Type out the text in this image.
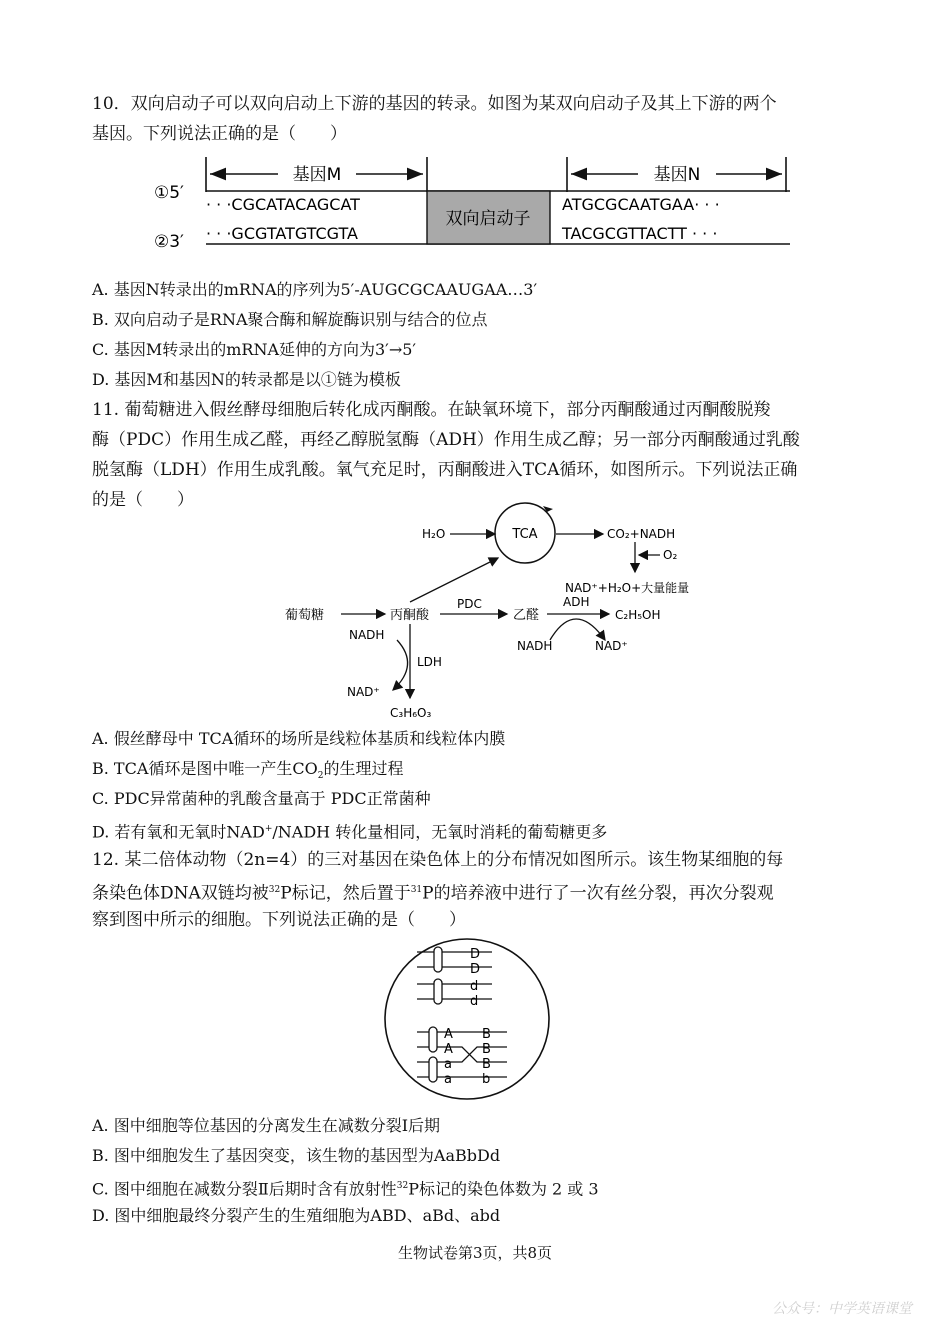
10．双向启动子可以双向启动上下游的基因的转录。如图为某双向启动子及其上下游的两个
基因。下列说法正确的是（　　）
基因M	基因N
双向启动子
①5′
②3′
· · ·CGCATACAGCAT
· · ·GCGTATGTCGTA
ATGCGCAATGAA· · ·
TACGCGTTACTT · · ·
A. 基因N转录出的mRNA的序列为5′-AUGCGCAAUGAA…3′
B. 双向启动子是RNA聚合酶和解旋酶识别与结合的位点
C. 基因M转录出的mRNA延伸的方向为3′→5′
D. 基因M和基因N的转录都是以①链为模板
11. 葡萄糖进入假丝酵母细胞后转化成丙酮酸。在缺氧环境下，部分丙酮酸通过丙酮酸脱羧
酶（PDC）作用生成乙醛，再经乙醇脱氢酶（ADH）作用生成乙醇；另一部分丙酮酸通过乳酸
脱氢酶（LDH）作用生成乳酸。氧气充足时，丙酮酸进入TCA循环，如图所示。下列说法正确
的是（　　）
H₂O	TCA	CO₂+NADH
O₂
NAD⁺+H₂O+大量能量
葡萄糖	丙酮酸
PDC
乙醛
ADH
C₂H₅OH
NADH	NAD⁺
NADH
LDH
NAD⁺
C₃H₆O₃
A. 假丝酵母中 TCA循环的场所是线粒体基质和线粒体内膜
B. TCA循环是图中唯一产生$CO_2$的生理过程
C. PDC异常菌种的乳酸含量高于 PDC正常菌种
D. 若有氧和无氧时NAD+/NADH 转化量相同，无氧时消耗的葡萄糖更多
12. 某二倍体动物（2n=4）的三对基因在染色体上的分布情况如图所示。该生物某细胞的每
条染色体DNA双链均被$^{32}$P标记，然后置于$^{31}$P的培养液中进行了一次有丝分裂，再次分裂观
察到图中所示的细胞。下列说法正确的是（　　）
D
D
d
d
A
A
a
a
B
B
B
b
A. 图中细胞等位基因的分离发生在减数分裂Ⅰ后期
B. 图中细胞发生了基因突变，该生物的基因型为AaBbDd
C. 图中细胞在减数分裂Ⅱ后期时含有放射性$^{32}$P标记的染色体数为 2 或 3
D. 图中细胞最终分裂产生的生殖细胞为ABD、aBd、abd
生物试卷第3页，共8页
公众号：中学英语课堂
